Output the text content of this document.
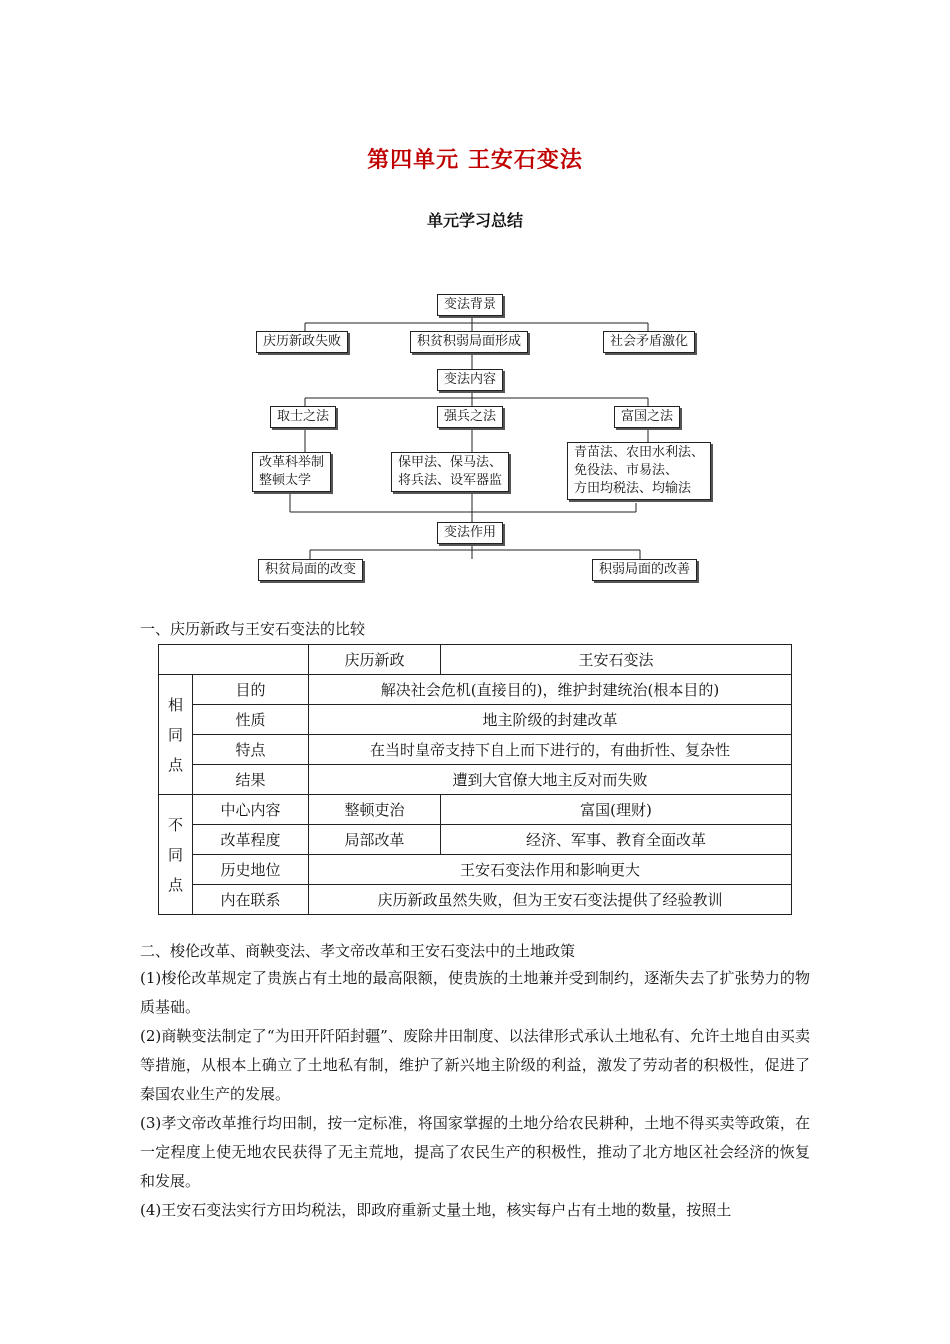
第四单元 王安石变法
单元学习总结
变法背景
庆历新政失败	积贫积弱局面形成	社会矛盾激化
变法内容
取士之法	强兵之法	富国之法
改革科举制
整顿太学
保甲法、保马法、
将兵法、设军器监
青苗法、农田水利法、
免役法、市易法、
方田均税法、均输法
变法作用
积贫局面的改变	积弱局面的改善
一、庆历新政与王安石变法的比较
		庆历新政	王安石变法
相同点	目的	解决社会危机(直接目的)，维护封建统治(根本目的)	
	性质	地主阶级的封建改革	
	特点	在当时皇帝支持下自上而下进行的，有曲折性、复杂性	
	结果	遭到大官僚大地主反对而失败	
不同点	中心内容	整顿吏治	富国(理财)
	改革程度	局部改革	经济、军事、教育全面改革
	历史地位	王安石变法作用和影响更大	
	内在联系	庆历新政虽然失败，但为王安石变法提供了经验教训	
二、梭伦改革、商鞅变法、孝文帝改革和王安石变法中的土地政策
(1)梭伦改革规定了贵族占有土地的最高限额，使贵族的土地兼并受到制约，逐渐失去了扩张势力的物质基础。
(2)商鞅变法制定了“为田开阡陌封疆”、废除井田制度、以法律形式承认土地私有、允许土地自由买卖等措施，从根本上确立了土地私有制，维护了新兴地主阶级的利益，激发了劳动者的积极性，促进了秦国农业生产的发展。
(3)孝文帝改革推行均田制，按一定标准，将国家掌握的土地分给农民耕种，土地不得买卖等政策，在一定程度上使无地农民获得了无主荒地，提高了农民生产的积极性，推动了北方地区社会经济的恢复和发展。
(4)王安石变法实行方田均税法，即政府重新丈量土地，核实每户占有土地的数量，按照土
